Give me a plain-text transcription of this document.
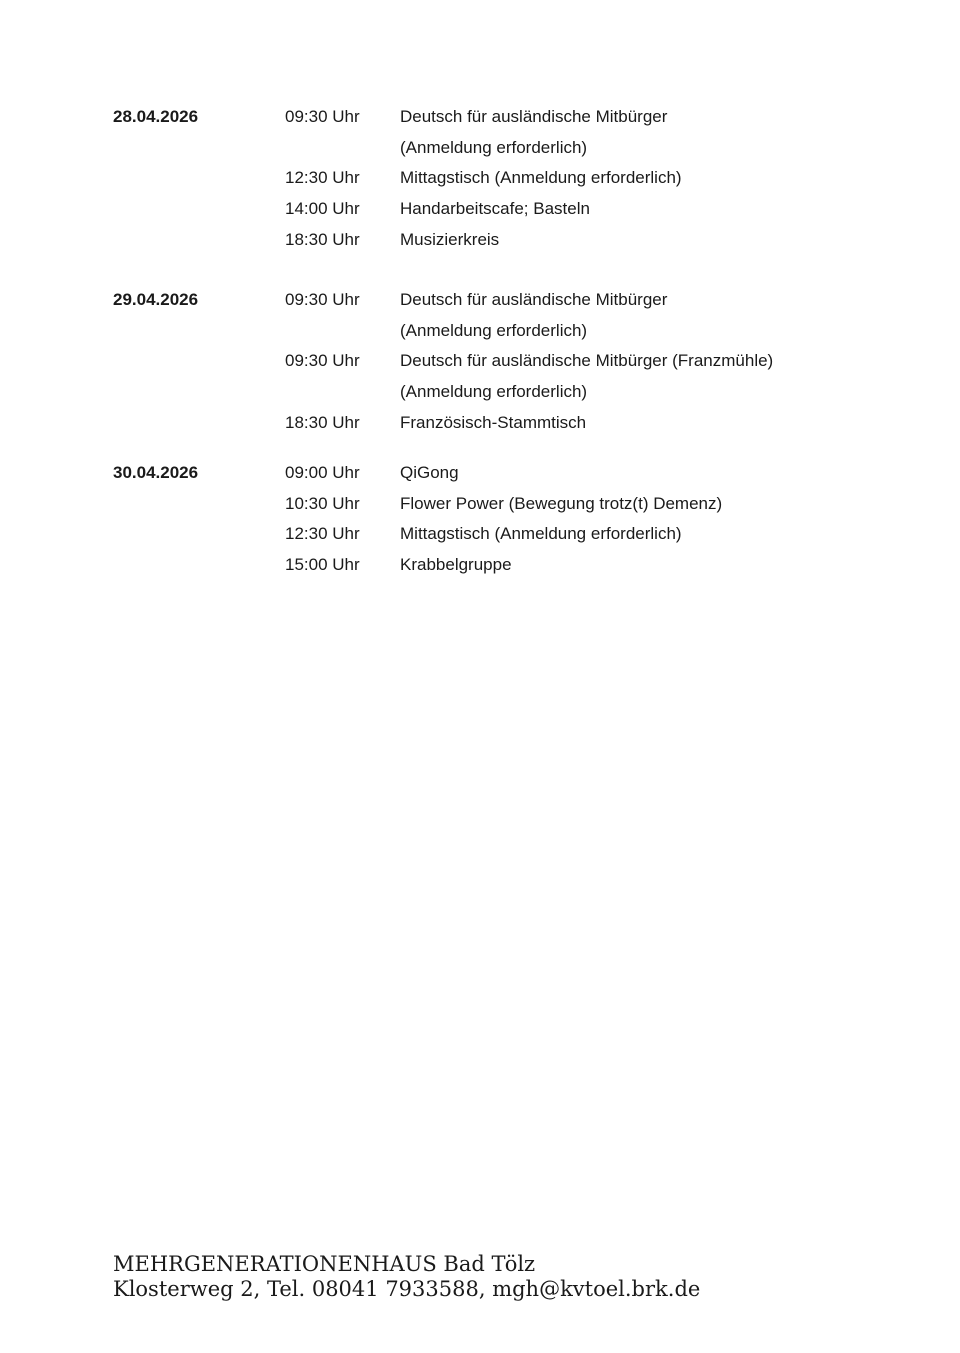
28.04.2026	09:30 Uhr Deutsch für ausländische Mitbürger
(Anmeldung erforderlich)
12:30 Uhr Mittagstisch (Anmeldung erforderlich)
14:00 Uhr Handarbeitscafe; Basteln
18:30 Uhr Musizierkreis
29.04.2026	09:30 Uhr Deutsch für ausländische Mitbürger
(Anmeldung erforderlich)
09:30 Uhr Deutsch für ausländische Mitbürger (Franzmühle)
(Anmeldung erforderlich)
18:30 Uhr Französisch-Stammtisch
30.04.2026	09:00 Uhr QiGong
10:30 Uhr Flower Power (Bewegung trotz(t) Demenz)
12:30 Uhr Mittagstisch (Anmeldung erforderlich)
15:00 Uhr Krabbelgruppe
MEHRGENERATIONENHAUS Bad Tölz
Klosterweg 2, Tel. 08041 7933588, mgh@kvtoel.brk.de
